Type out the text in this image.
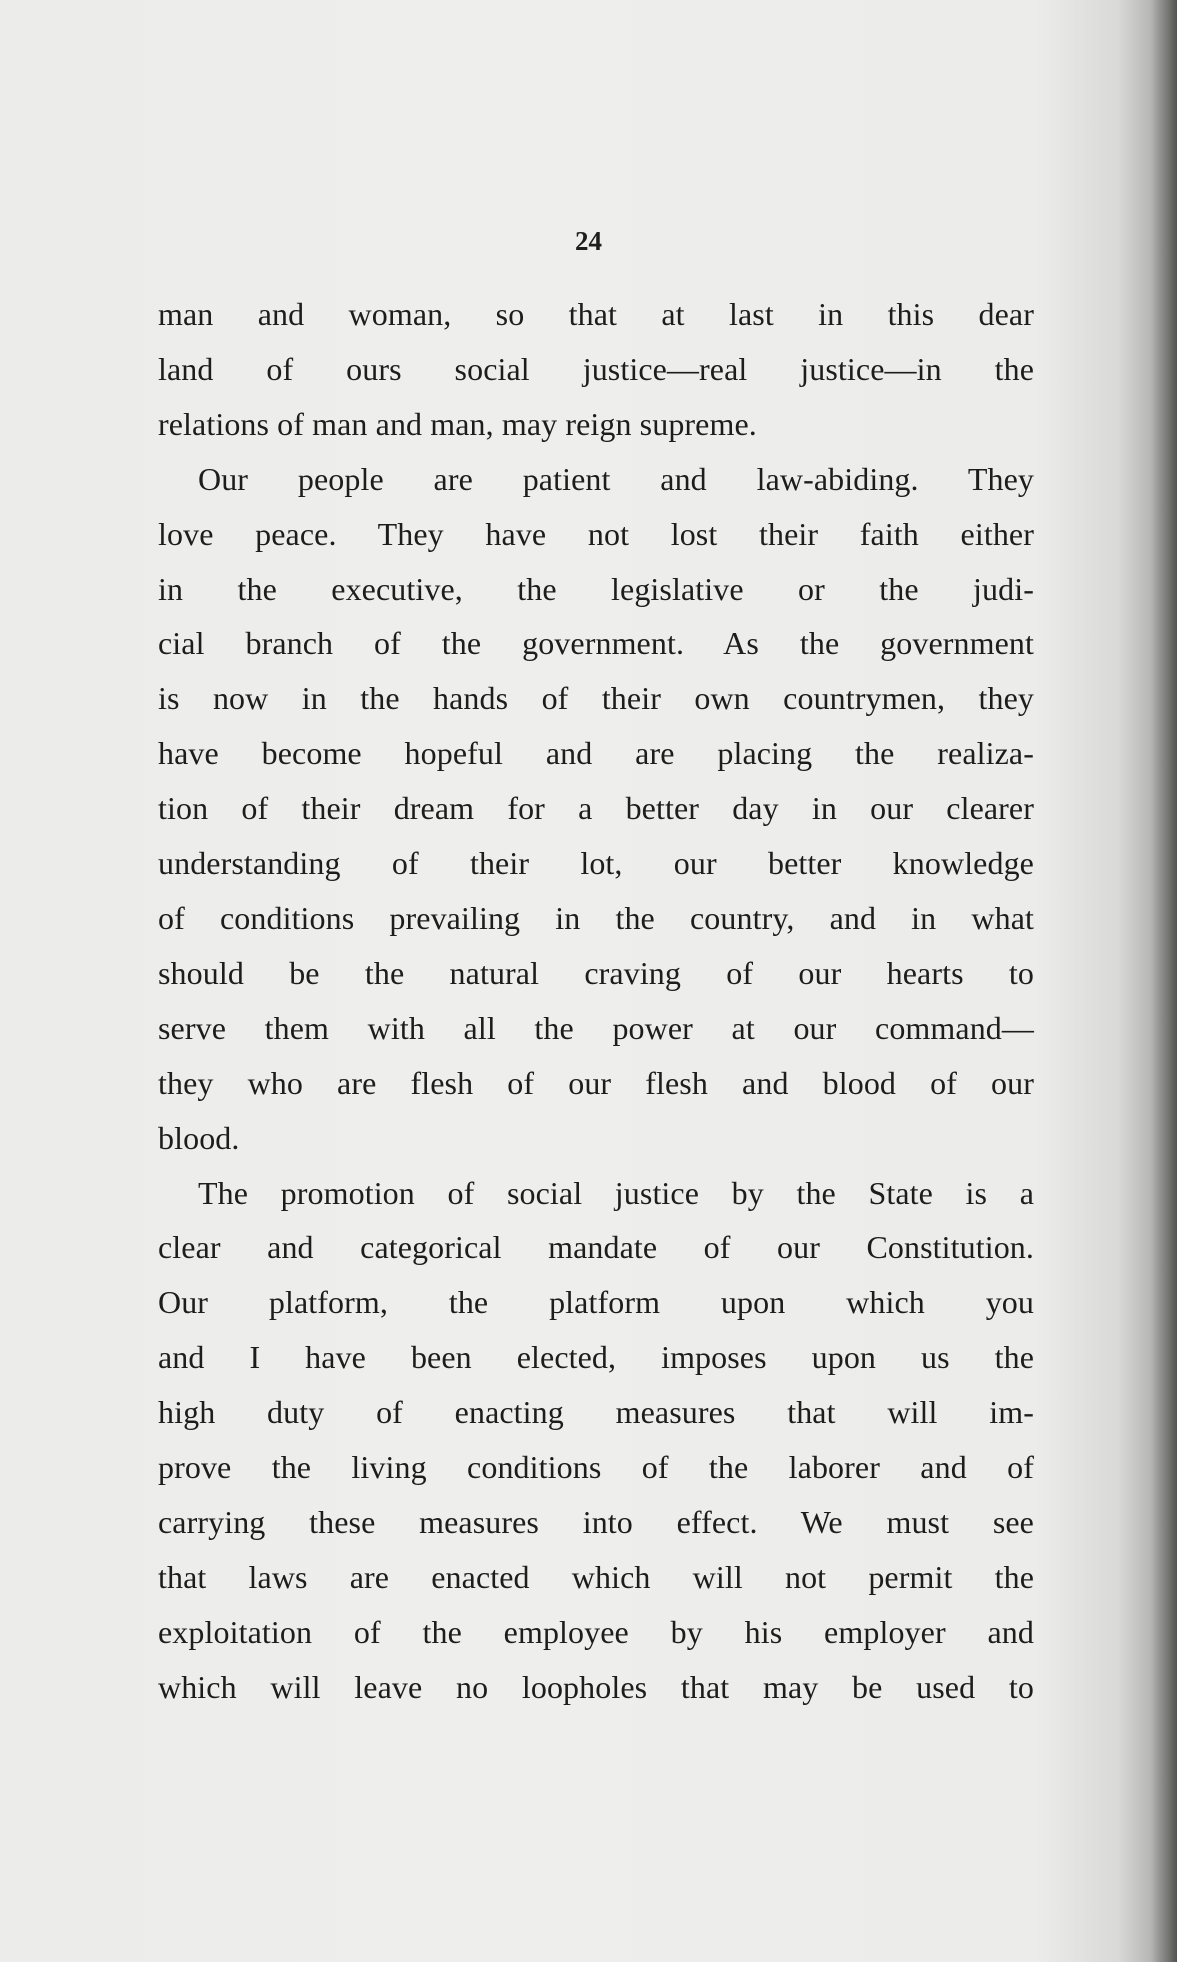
24
man and woman, so that at last in this dear
land of ours social justice—real justice—in the
relations of man and man, may reign supreme.
Our people are patient and law-abiding. They
love peace. They have not lost their faith either
in the executive, the legislative or the judi-
cial branch of the government. As the government
is now in the hands of their own countrymen, they
have become hopeful and are placing the realiza-
tion of their dream for a better day in our clearer
understanding of their lot, our better knowledge
of conditions prevailing in the country, and in what
should be the natural craving of our hearts to
serve them with all the power at our command—
they who are flesh of our flesh and blood of our
blood.
The promotion of social justice by the State is a
clear and categorical mandate of our Constitution.
Our platform, the platform upon which you
and I have been elected, imposes upon us the
high duty of enacting measures that will im-
prove the living conditions of the laborer and of
carrying these measures into effect. We must see
that laws are enacted which will not permit the
exploitation of the employee by his employer and
which will leave no loopholes that may be used to
